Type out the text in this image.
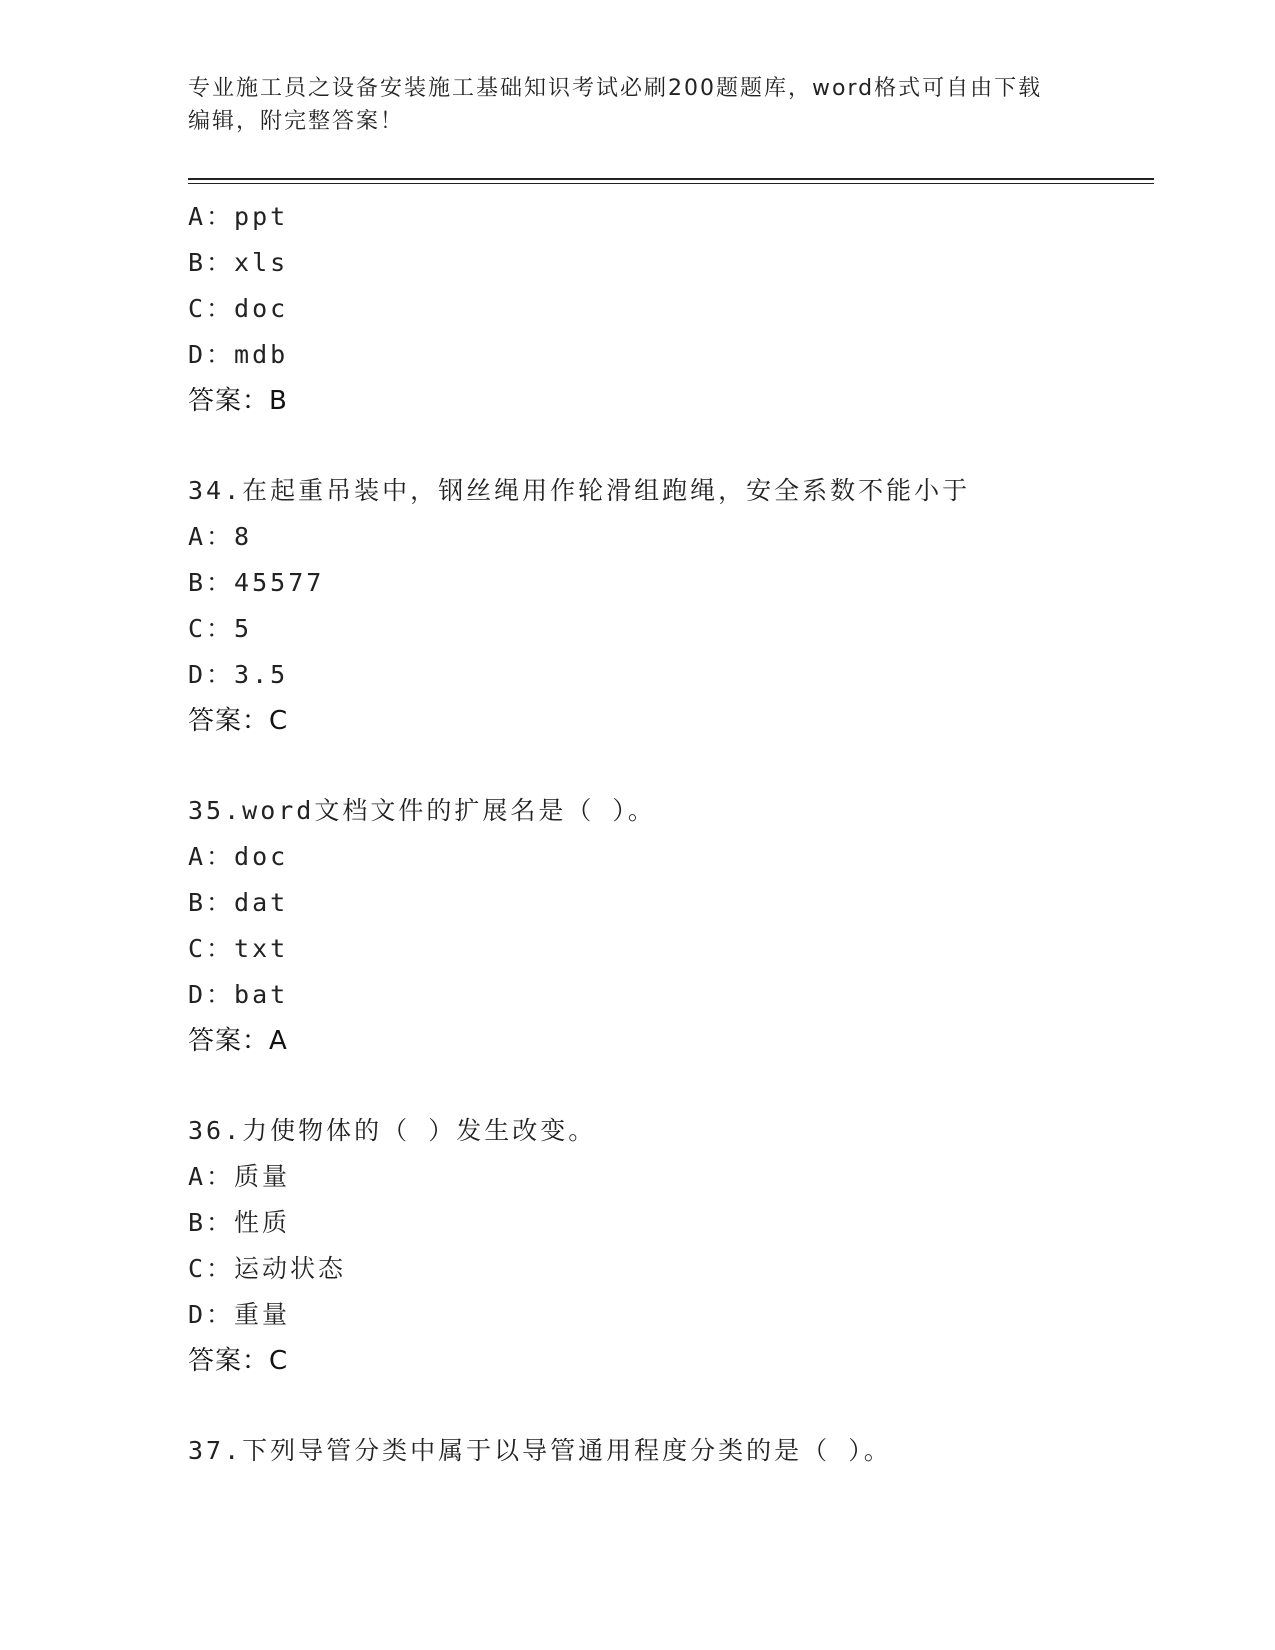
专业施工员之设备安装施工基础知识考试必刷200题题库，word格式可自由下载
编辑，附完整答案！
A：ppt
B：xls
C：doc
D：mdb
答案：B
34.在起重吊装中，钢丝绳用作轮滑组跑绳，安全系数不能小于
A：8
B：45577
C：5
D：3.5
答案：C
35.word文档文件的扩展名是（ ）。
A：doc
B：dat
C：txt
D：bat
答案：A
36.力使物体的（ ）发生改变。
A：质量
B：性质
C：运动状态
D：重量
答案：C
37.下列导管分类中属于以导管通用程度分类的是（ ）。
